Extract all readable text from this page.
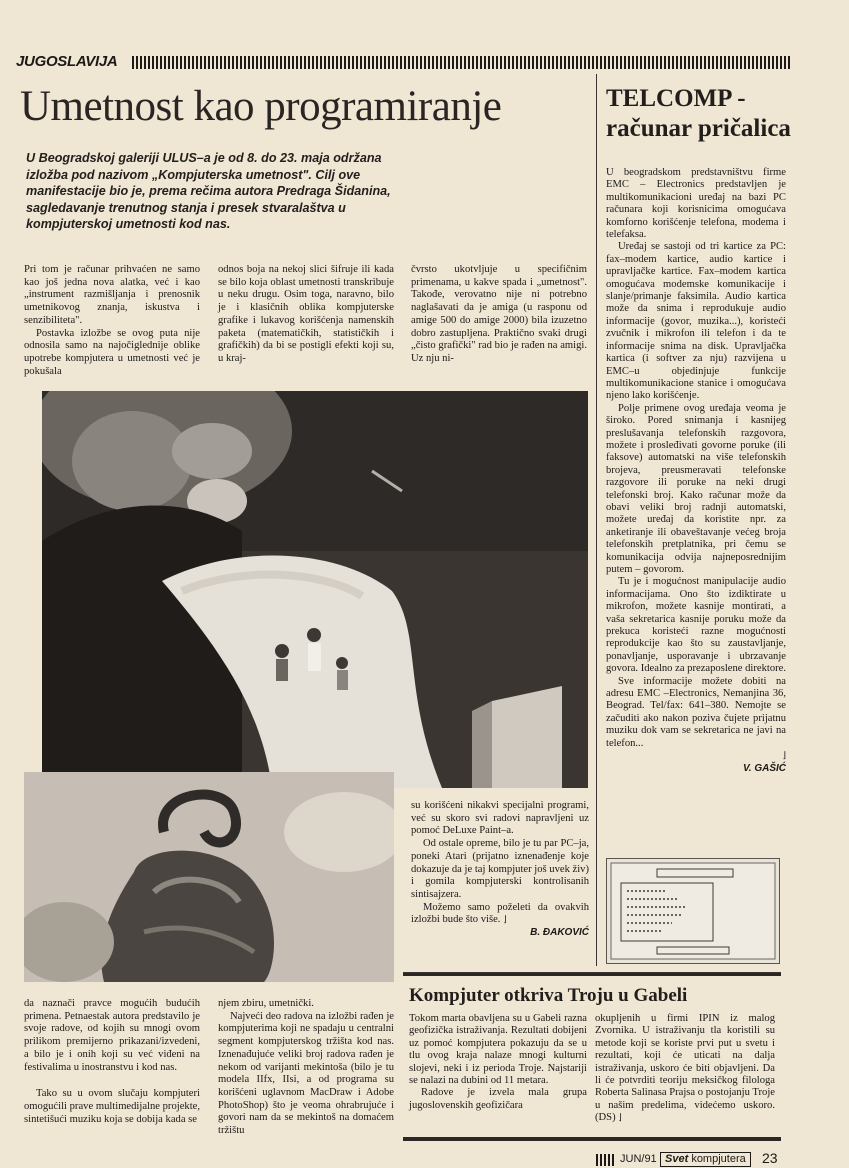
JUGOSLAVIJA
Umetnost kao programiranje
U Beogradskoj galeriji ULUS–a je od 8. do 23. maja održana izložba pod nazivom „Kompjuterska umetnost". Cilj ove manifestacije bio je, prema rečima autora Predraga Šidanina, sagledavanje trenutnog stanja i presek stvaralaštva u kompjuterskoj umetnosti kod nas.

Pri tom je računar prihvaćen ne samo kao još jedna nova alatka, već i kao „instrument razmišljanja i prenosnik umetnikovog znanja, iskustva i senzibiliteta".

Postavka izložbe se ovog puta nije odnosila samo na najočiglednije oblike upotrebe kompjutera u umetnosti već je pokušala

odnos boja na nekoj slici šifruje ili kada se bilo koja oblast umetnosti transkribuje u neku drugu. Osim toga, naravno, bilo je i klasičnih oblika kompjuterske grafike i lukavog korišćenja namenskih paketa (matematičkih, statističkih i grafičkih) da bi se postigli efekti koji su, u kraj-

čvrsto ukotvljuje u specifičnim primenama, u kakve spada i „umetnost". Takođe, verovatno nije ni potrebno naglašavati da je amiga (u rasponu od amige 500 do amige 2000) bila izuzetno dobro zastupljena. Praktično svaki drugi „čisto grafički" rad bio je rađen na amigi. Uz nju ni-

su korišćeni nikakvi specijalni programi, već su skoro svi radovi napravljeni uz pomoć DeLuxe Paint–a.

Od ostale opreme, bilo je tu par PC–ja, poneki Atari (prijatno iznenađenje koje dokazuje da je taj kompjuter još uvek živ) i gomila kompjuterski kontrolisanih sintisajzera.

Možemo samo poželeti da ovakvih izložbi bude što više. ⌋

B. ĐAKOVIĆ

da naznači pravce mogućih budućih primena. Petnaestak autora predstavilo je svoje radove, od kojih su mnogi ovom prilikom premijerno prikazani/izvedeni, a bilo je i onih koji su već viđeni na festivalima u inostranstvu i kod nas.

Tako su u ovom slučaju kompjuteri omogućili prave multimedijalne projekte, sintetišući muziku koja se dobija kada se

njem zbiru, umetnički.

Najveći deo radova na izložbi rađen je kompjuterima koji ne spadaju u centralni segment kompjuterskog tržišta kod nas. Iznenađujuće veliki broj radova rađen je nekom od varijanti mekintoša (bilo je tu modela IIfx, IIsi, a od programa su korišćeni uglavnom MacDraw i Adobe PhotoShop) što je veoma ohrabrujuće i govori nam da se mekintoš na domaćem tržištu

TELCOMP -
računar pričalica

U beogradskom predstavništvu firme EMC – Electronics predstavljen je multikomunikacioni uređaj na bazi PC računara koji korisnicima omogućava komforno korišćenje telefona, modema i telefaksa.

Uređaj se sastoji od tri kartice za PC: fax–modem kartice, audio kartice i upravljačke kartice. Fax–modem kartica omogućava modemske komunikacije i slanje/primanje faksimila. Audio kartica može da snima i reprodukuje audio informacije (govor, muzika...), koristeći zvučnik i mikrofon ili telefon i da te informacije snima na disk. Upravljačka kartica (i softver za nju) razvijena u EMC–u objedinjuje funkcije multikomunikacione stanice i omogućava njeno lako korišćenje.

Polje primene ovog uređaja veoma je široko. Pored snimanja i kasnijeg preslušavanja telefonskih razgovora, možete i prosleđivati govorne poruke (ili faksove) automatski na više telefonskih brojeva, preusmeravati telefonske razgovore ili poruke na neki drugi telefonski broj. Kako računar može da obavi veliki broj radnji automatski, možete uređaj da koristite npr. za anketiranje ili obaveštavanje većeg broja telefonskih pretplatnika, pri čemu se komunikacija odvija najneposrednijim putem – govorom.

Tu je i mogućnost manipulacije audio informacijama. Ono što izdiktirate u mikrofon, možete kasnije montirati, a vaša sekretarica kasnije poruku može da prekuca koristeći razne mogućnosti reprodukcije kao što su zaustavljanje, ponavljanje, usporavanje i ubrzavanje govora. Idealno za prezaposlene direktore.

Sve informacije možete dobiti na adresu EMC –Electronics, Nemanjina 36, Beograd. Tel/fax: 641–380. Nemojte se začuditi ako nakon poziva čujete prijatnu muziku dok vam se sekretarica ne javi na telefon...

⌋
V. GAŠIĆ
Kompjuter otkriva Troju u Gabeli

Tokom marta obavljena su u Gabeli razna geofizička istraživanja. Rezultati dobijeni uz pomoć kompjutera pokazuju da se u tlu ovog kraja nalaze mnogi kulturni slojevi, neki i iz perioda Troje. Najstariji se nalazi na dubini od 11 metara.

Radove je izvela mala grupa jugoslovenskih geofizičara

okupljenih u firmi IPIN iz malog Zvornika. U istraživanju tla koristili su metode koji se koriste prvi put u svetu i rezultati, koji će uticati na dalja istraživanja, uskoro će biti objavljeni. Da li će potvrditi teoriju meksičkog filologa Roberta Salinasa Prajsa o postojanju Troje u našim predelima, videćemo uskoro. (DS) ⌋

JUN/91 Svet kompjutera	23
